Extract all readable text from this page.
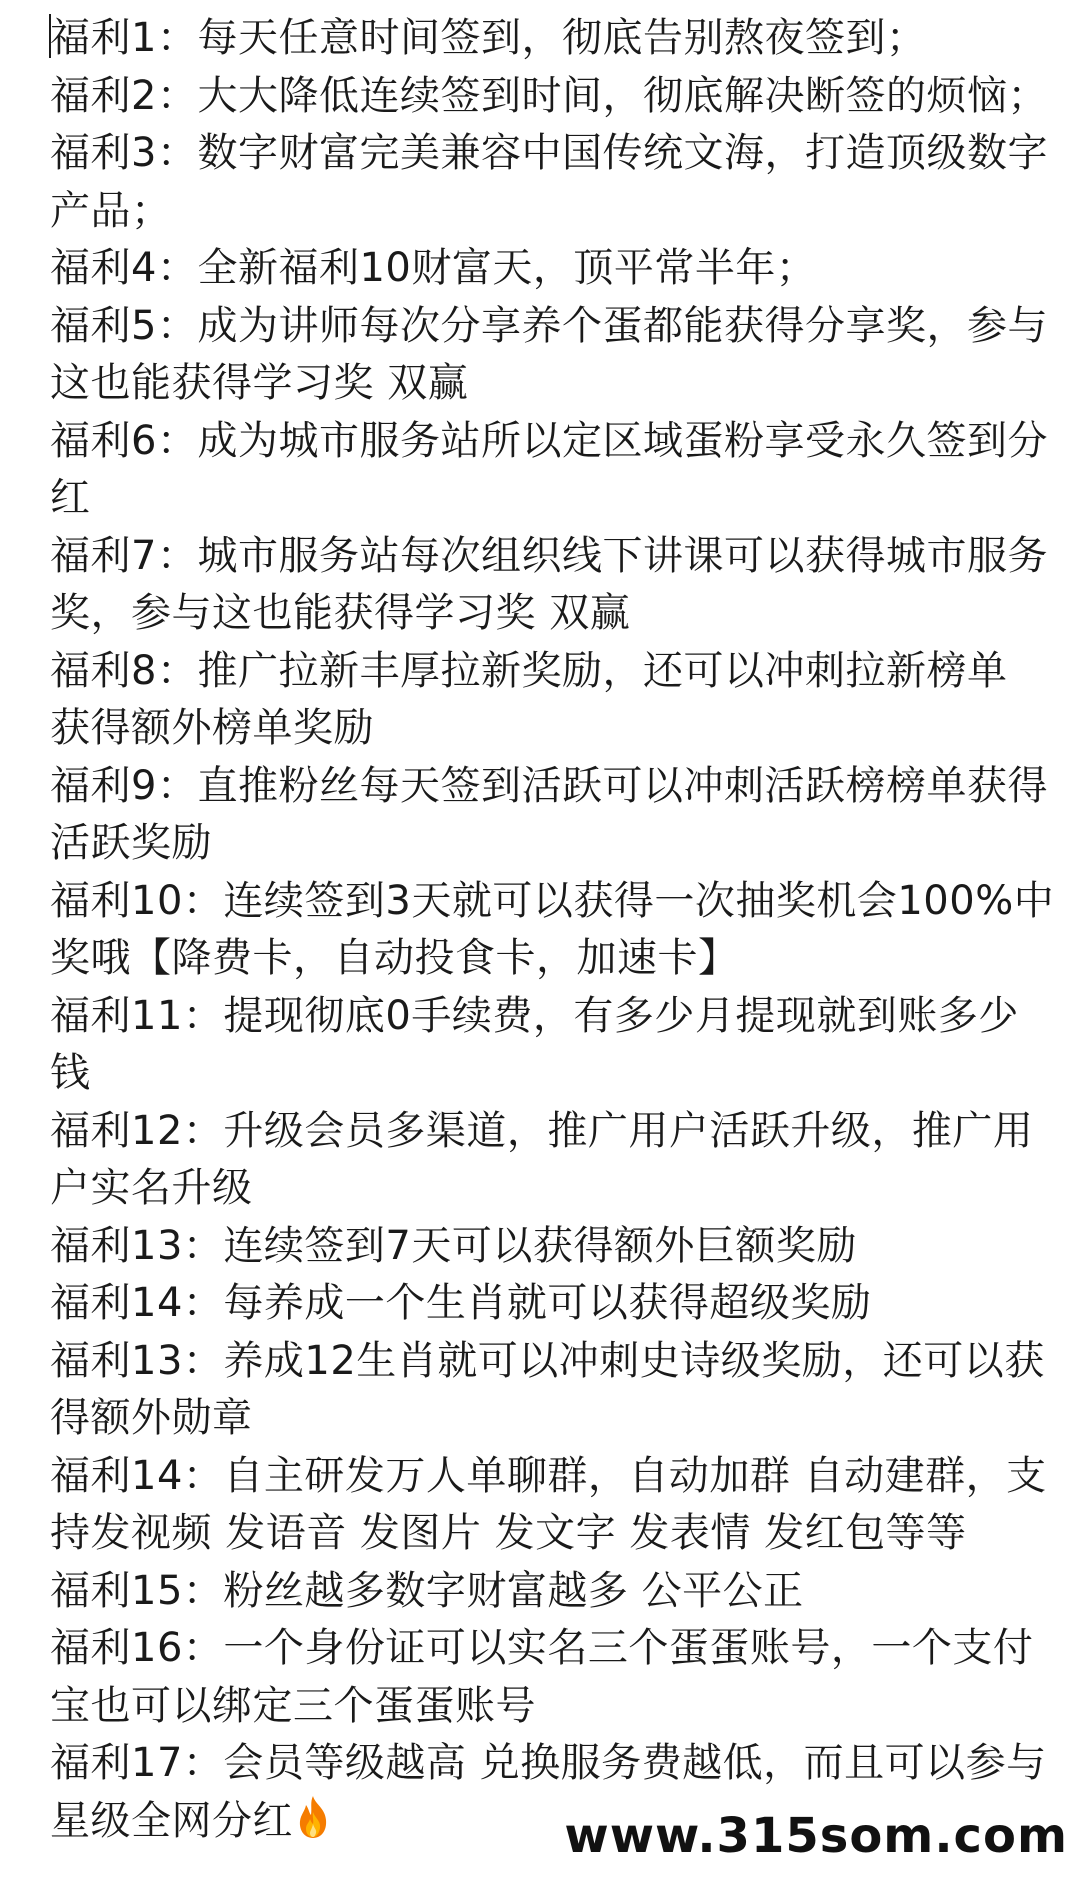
福利1：每天任意时间签到，彻底告别熬夜签到；
福利2：大大降低连续签到时间，彻底解决断签的烦恼；
福利3：数字财富完美兼容中国传统文海，打造顶级数字
产品；
福利4：全新福利10财富天，顶平常半年；
福利5：成为讲师每次分享养个蛋都能获得分享奖，参与
这也能获得学习奖 双赢
福利6：成为城市服务站所以定区域蛋粉享受永久签到分
红
福利7：城市服务站每次组织线下讲课可以获得城市服务
奖，参与这也能获得学习奖 双赢
福利8：推广拉新丰厚拉新奖励，还可以冲刺拉新榜单
获得额外榜单奖励
福利9：直推粉丝每天签到活跃可以冲刺活跃榜榜单获得
活跃奖励
福利10：连续签到3天就可以获得一次抽奖机会100%中
奖哦【降费卡，自动投食卡，加速卡】
福利11：提现彻底0手续费，有多少月提现就到账多少
钱
福利12：升级会员多渠道，推广用户活跃升级，推广用
户实名升级
福利13：连续签到7天可以获得额外巨额奖励
福利14：每养成一个生肖就可以获得超级奖励
福利13：养成12生肖就可以冲刺史诗级奖励，还可以获
得额外勋章
福利14：自主研发万人单聊群，自动加群 自动建群，支
持发视频 发语音 发图片 发文字 发表情 发红包等等
福利15：粉丝越多数字财富越多 公平公正
福利16：一个身份证可以实名三个蛋蛋账号，一个支付
宝也可以绑定三个蛋蛋账号
福利17：会员等级越高 兑换服务费越低，而且可以参与
星级全网分红	www.315som.com
